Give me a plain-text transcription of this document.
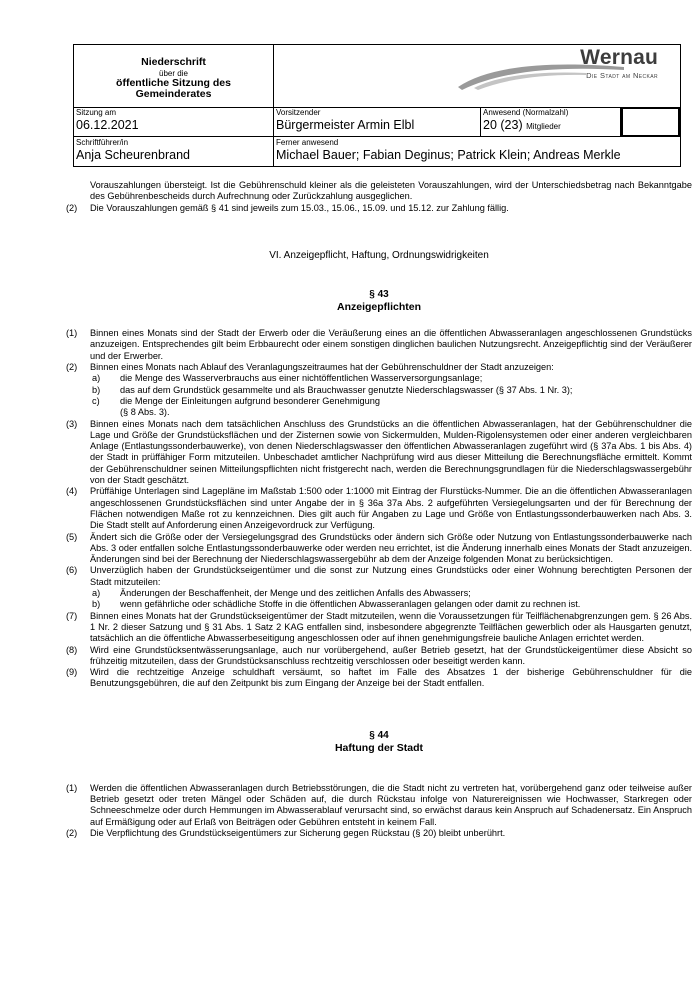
Niederschrift
über die
öffentliche Sitzung des
Gemeinderates
Wernau
Die Stadt am Neckar
Sitzung am
06.12.2021
Vorsitzender
Bürgermeister Armin Elbl
Anwesend (Normalzahl)
20 (23) Mitglieder
Schriftführer/in
Anja Scheurenbrand
Ferner anwesend
Michael Bauer; Fabian Deginus; Patrick Klein; Andreas Merkle

Vorauszahlungen übersteigt. Ist die Gebührenschuld kleiner als die geleisteten Vorauszahlungen, wird der Unterschiedsbetrag nach Bekanntgabe des Gebührenbescheids durch Aufrechnung oder Zurückzahlung ausgeglichen.

(2) Die Vorauszahlungen gemäß § 41 sind jeweils zum 15.03., 15.06., 15.09. und 15.12. zur Zahlung fällig.
VI. Anzeigepflicht, Haftung, Ordnungswidrigkeiten
§ 43
Anzeigepflichten
(1) Binnen eines Monats sind der Stadt der Erwerb oder die Veräußerung eines an die öffentlichen Abwasseranlagen angeschlossenen Grundstücks anzuzeigen. Entsprechendes gilt beim Erbbaurecht oder einem sonstigen dinglichen baulichen Nutzungsrecht. Anzeigepflichtig sind der Veräußerer und der Erwerber.
(2) Binnen eines Monats nach Ablauf des Veranlagungszeitraumes hat der Gebührenschuldner der Stadt anzuzeigen:
a) die Menge des Wasserverbrauchs aus einer nichtöffentlichen Wasserversorgungsanlage;
b) das auf dem Grundstück gesammelte und als Brauchwasser genutzte Niederschlagswasser (§ 37 Abs. 1 Nr. 3);
c) die Menge der Einleitungen aufgrund besonderer Genehmigung
(§ 8 Abs. 3).
(3) Binnen eines Monats nach dem tatsächlichen Anschluss des Grundstücks an die öffentlichen Abwasseranlagen, hat der Gebührenschuldner die Lage und Größe der Grundstücksflächen und der Zisternen sowie von Sickermulden, Mulden-Rigolensystemen oder einer anderen vergleichbaren Anlage (Entlastungssonderbauwerke), von denen Niederschlagswasser den öffentlichen Abwasseranlagen zugeführt wird (§ 37a Abs. 1 bis Abs. 4) der Stadt in prüffähiger Form mitzuteilen. Unbeschadet amtlicher Nachprüfung wird aus dieser Mitteilung die Berechnungsfläche ermittelt. Kommt der Gebührenschuldner seinen Mitteilungspflichten nicht fristgerecht nach, werden die Berechnungsgrundlagen für die Niederschlagswassergebühr von der Stadt geschätzt.
(4) Prüffähige Unterlagen sind Lagepläne im Maßstab 1:500 oder 1:1000 mit Eintrag der Flurstücks-Nummer. Die an die öffentlichen Abwasseranlagen angeschlossenen Grundstücksflächen sind unter Angabe der in § 36a 37a Abs. 2 aufgeführten Versiegelungsarten und der für Berechnung der Flächen notwendigen Maße rot zu kennzeichnen. Dies gilt auch für Angaben zu Lage und Größe von Entlastungssonderbauwerken nach Abs. 3. Die Stadt stellt auf Anforderung einen Anzeigevordruck zur Verfügung.
(5) Ändert sich die Größe oder der Versiegelungsgrad des Grundstücks oder ändern sich Größe oder Nutzung von Entlastungssonderbauwerke nach Abs. 3 oder entfallen solche Entlastungssonderbauwerke oder werden neu errichtet, ist die Änderung innerhalb eines Monats der Stadt anzuzeigen. Änderungen sind bei der Berechnung der Niederschlagswassergebühr ab dem der Anzeige folgenden Monat zu berücksichtigen.
(6) Unverzüglich haben der Grundstückseigentümer und die sonst zur Nutzung eines Grundstücks oder einer Wohnung berechtigten Personen der Stadt mitzuteilen:
a) Änderungen der Beschaffenheit, der Menge und des zeitlichen Anfalls des Abwassers;
b) wenn gefährliche oder schädliche Stoffe in die öffentlichen Abwasseranlagen gelangen oder damit zu rechnen ist.
(7) Binnen eines Monats hat der Grundstückseigentümer der Stadt mitzuteilen, wenn die Voraussetzungen für Teilflächenabgrenzungen gem. § 26 Abs. 1 Nr. 2 dieser Satzung und § 31 Abs. 1 Satz 2 KAG entfallen sind, insbesondere abgegrenzte Teilflächen gewerblich oder als Hausgarten genutzt, tatsächlich an die öffentliche Abwasserbeseitigung angeschlossen oder auf ihnen genehmigungsfreie bauliche Anlagen errichtet werden.
(8) Wird eine Grundstücksentwässerungsanlage, auch nur vorübergehend, außer Betrieb gesetzt, hat der Grundstückeigentümer diese Absicht so frühzeitig mitzuteilen, dass der Grundstücksanschluss rechtzeitig verschlossen oder beseitigt werden kann.
(9) Wird die rechtzeitige Anzeige schuldhaft versäumt, so haftet im Falle des Absatzes 1 der bisherige Gebührenschuldner für die Benutzungsgebühren, die auf den Zeitpunkt bis zum Eingang der Anzeige bei der Stadt entfallen.
§ 44
Haftung der Stadt
(1) Werden die öffentlichen Abwasseranlagen durch Betriebsstörungen, die die Stadt nicht zu vertreten hat, vorübergehend ganz oder teilweise außer Betrieb gesetzt oder treten Mängel oder Schäden auf, die durch Rückstau infolge von Naturereignissen wie Hochwasser, Starkregen oder Schneeschmelze oder durch Hemmungen im Abwasserablauf verursacht sind, so erwächst daraus kein Anspruch auf Schadenersatz. Ein Anspruch auf Ermäßigung oder auf Erlaß von Beiträgen oder Gebühren entsteht in keinem Fall.
(2) Die Verpflichtung des Grundstückseigentümers zur Sicherung gegen Rückstau (§ 20) bleibt unberührt.
